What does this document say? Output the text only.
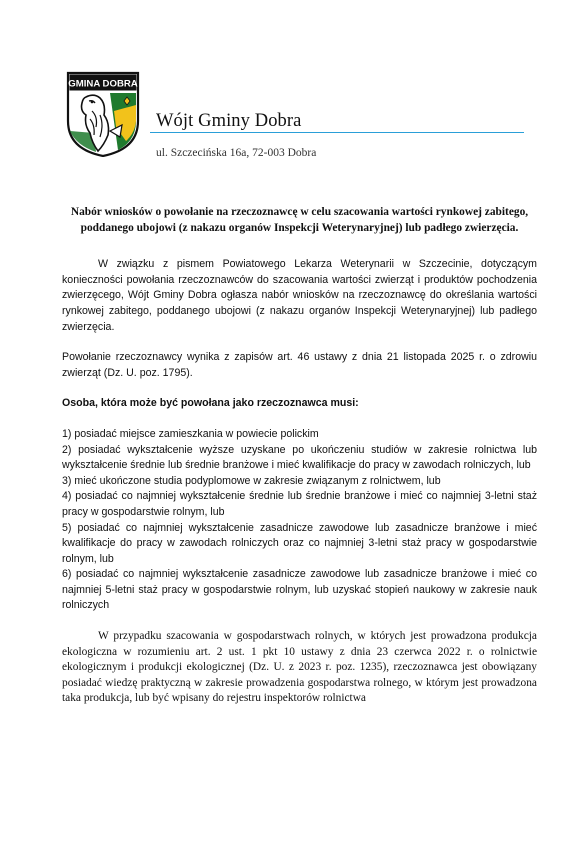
GMINA DOBRA
Wójt Gminy Dobra
ul. Szczecińska 16a, 72-003 Dobra

Nabór wniosków o powołanie na rzeczoznawcę w celu szacowania wartości rynkowej zabitego, poddanego ubojowi (z nakazu organów Inspekcji Weterynaryjnej) lub padłego zwierzęcia.

W związku z pismem Powiatowego Lekarza Weterynarii w Szczecinie, dotyczącym konieczności powołania rzeczoznawców do szacowania wartości zwierząt i produktów pochodzenia zwierzęcego, Wójt Gminy Dobra ogłasza nabór wniosków na rzeczoznawcę do określania wartości rynkowej zabitego, poddanego ubojowi (z nakazu organów Inspekcji Weterynaryjnej) lub padłego zwierzęcia.

Powołanie rzeczoznawcy wynika z zapisów art. 46 ustawy z dnia 21 listopada 2025 r. o zdrowiu zwierząt (Dz. U. poz. 1795).

Osoba, która może być powołana jako rzeczoznawca musi:

1) posiadać miejsce zamieszkania w powiecie polickim

2) posiadać wykształcenie wyższe uzyskane po ukończeniu studiów w zakresie rolnictwa lub wykształcenie średnie lub średnie branżowe i mieć kwalifikacje do pracy w zawodach rolniczych, lub

3) mieć ukończone studia podyplomowe w zakresie związanym z rolnictwem, lub

4) posiadać co najmniej wykształcenie średnie lub średnie branżowe i mieć co najmniej 3-letni staż pracy w gospodarstwie rolnym, lub

5) posiadać co najmniej wykształcenie zasadnicze zawodowe lub zasadnicze branżowe i mieć kwalifikacje do pracy w zawodach rolniczych oraz co najmniej 3-letni staż pracy w gospodarstwie rolnym, lub

6) posiadać co najmniej wykształcenie zasadnicze zawodowe lub zasadnicze branżowe i mieć co najmniej 5-letni staż pracy w gospodarstwie rolnym, lub uzyskać stopień naukowy w zakresie nauk rolniczych

W przypadku szacowania w gospodarstwach rolnych, w których jest prowadzona produkcja ekologiczna w rozumieniu art. 2 ust. 1 pkt 10 ustawy z dnia 23 czerwca 2022 r. o rolnictwie ekologicznym i produkcji ekologicznej (Dz. U. z 2023 r. poz. 1235), rzeczoznawca jest obowiązany posiadać wiedzę praktyczną w zakresie prowadzenia gospodarstwa rolnego, w którym jest prowadzona taka produkcja, lub być wpisany do rejestru inspektorów rolnictwa
